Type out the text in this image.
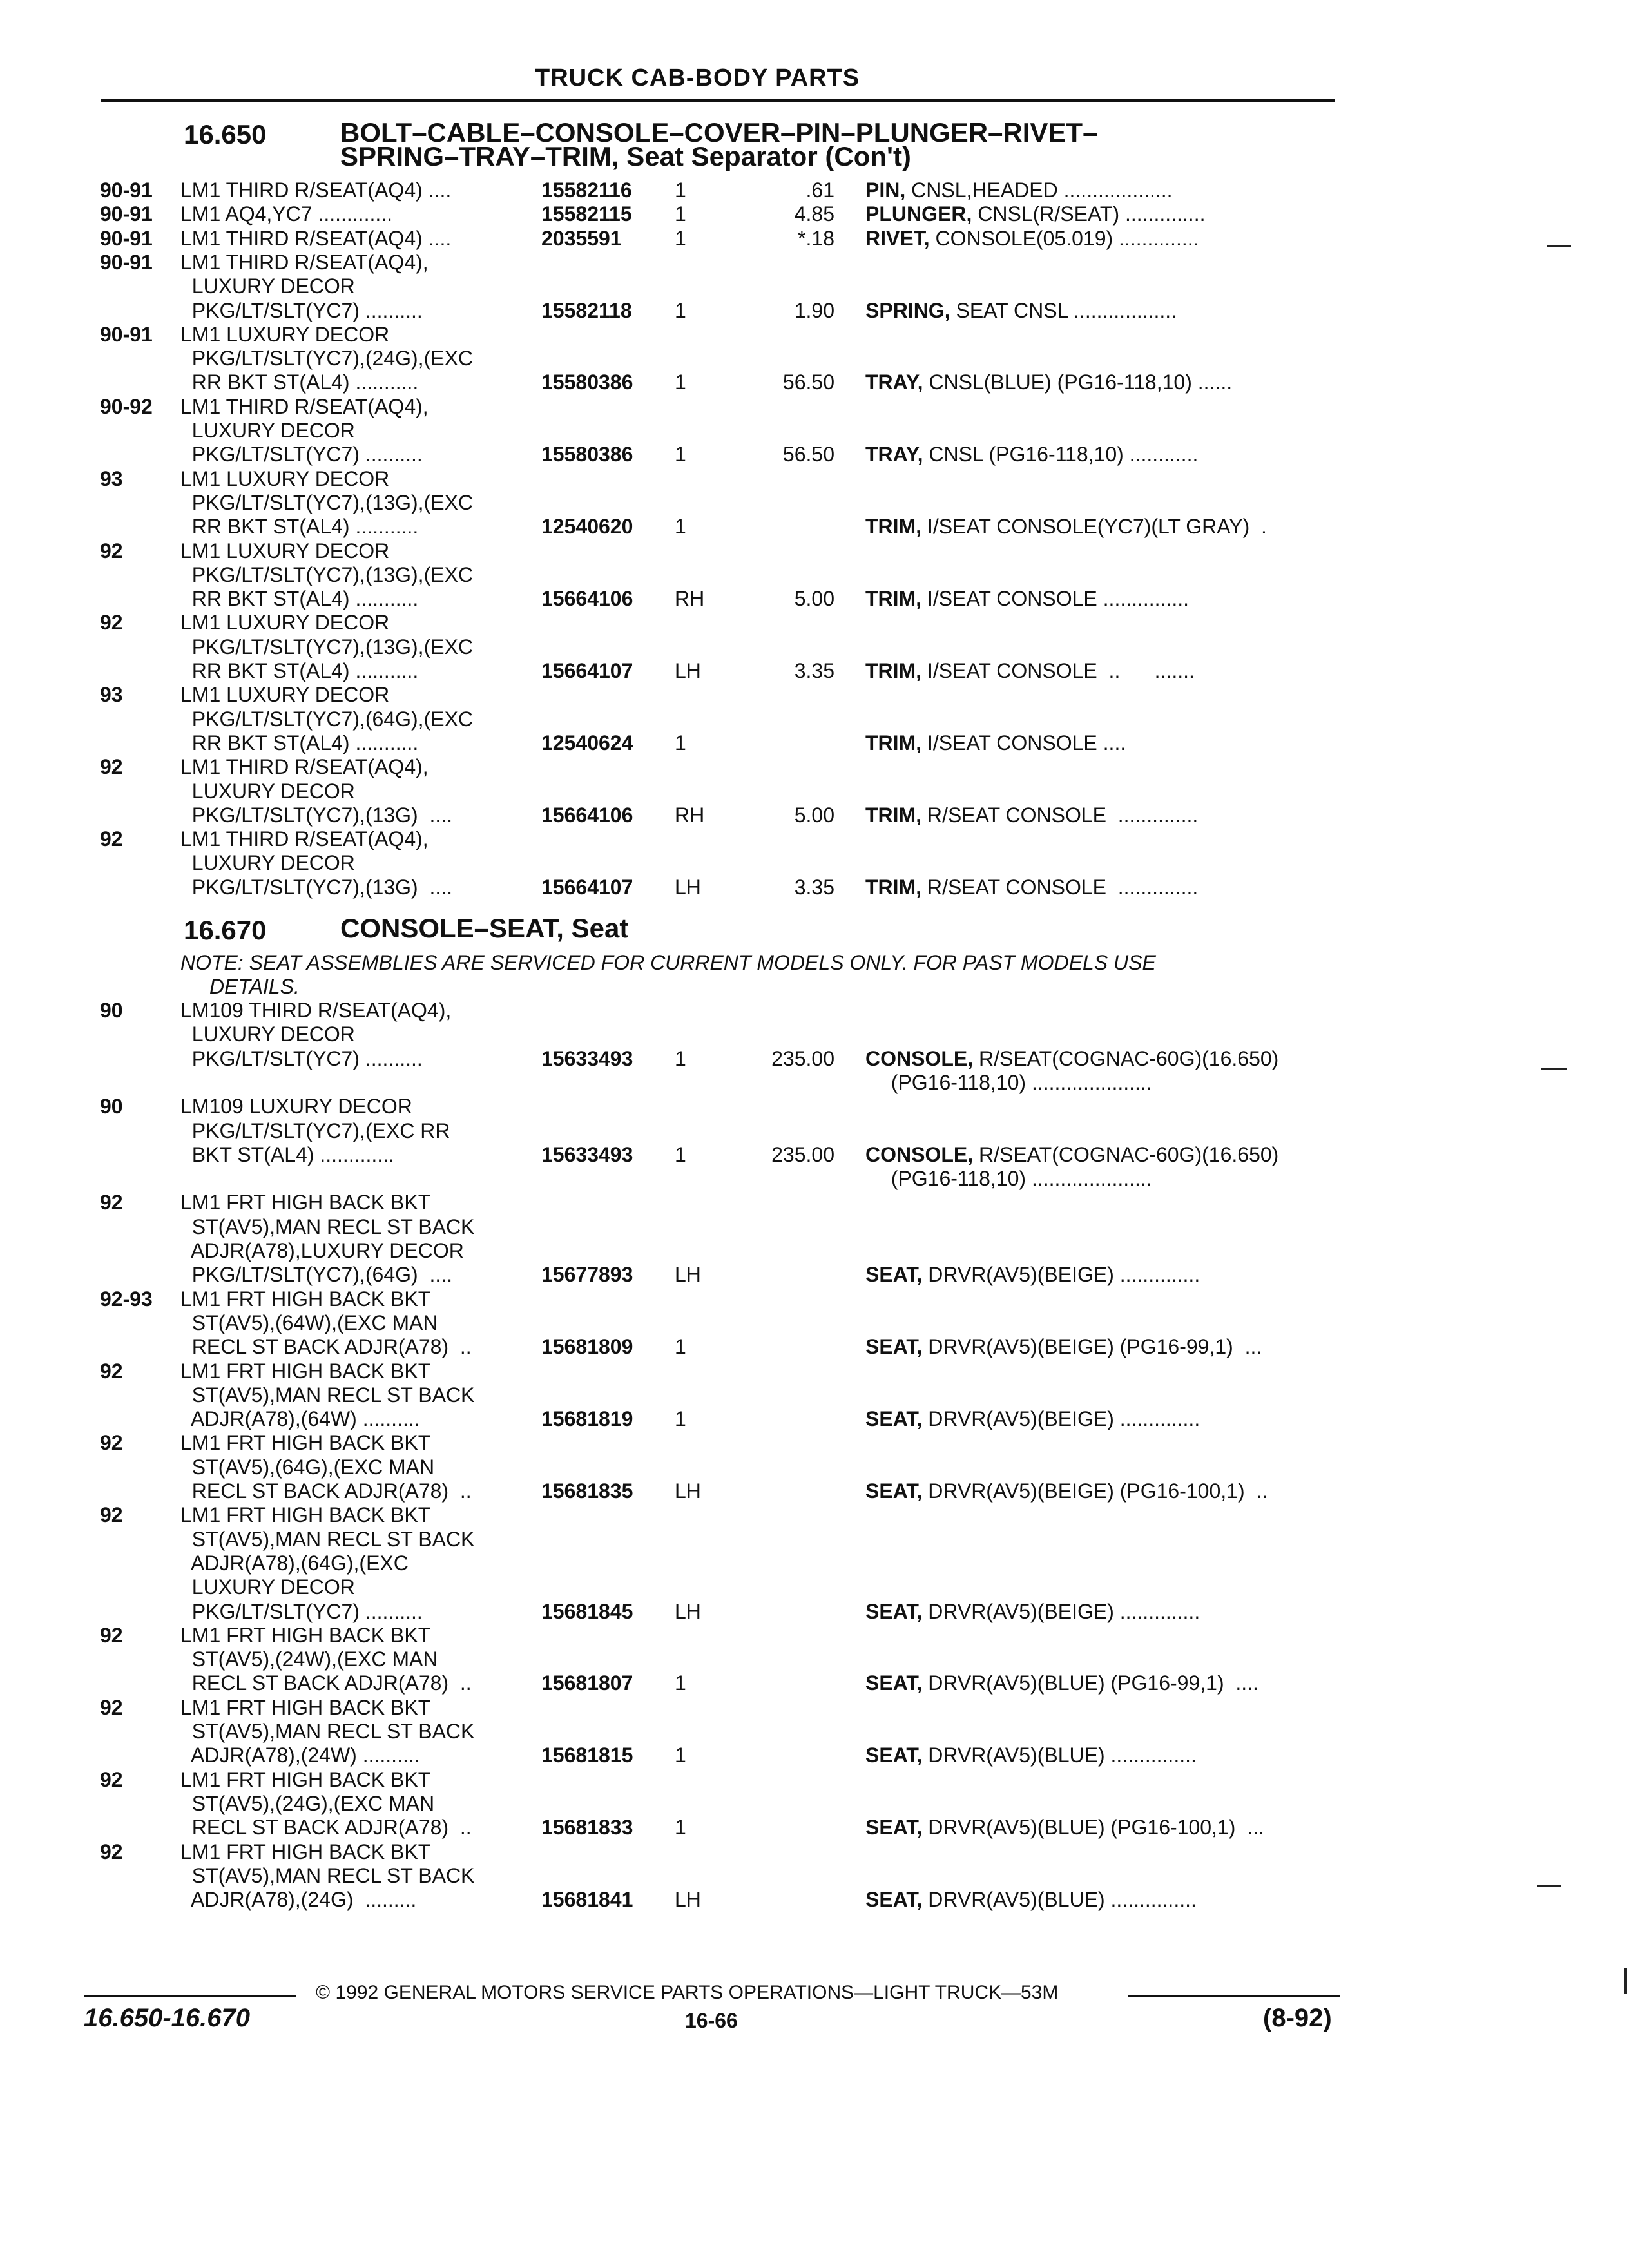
TRUCK CAB-BODY PARTS
16.650	BOLT–CABLE–CONSOLE–COVER–PIN–PLUNGER–RIVET–
SPRING–TRAY–TRIM, Seat Separator (Con't)
90-91 LM1 THIRD R/SEAT(AQ4) ....	15582116 1	.61 PIN, CNSL,HEADED ...................
90-91 LM1 AQ4,YC7 .............	15582115 1	4.85 PLUNGER, CNSL(R/SEAT) ..............
90-91 LM1 THIRD R/SEAT(AQ4) ....	2035591	1	*.18 RIVET, CONSOLE(05.019) ..............
90-91 LM1 THIRD R/SEAT(AQ4),
LUXURY DECOR
PKG/LT/SLT(YC7) ..........	15582118 1	1.90 SPRING, SEAT CNSL ..................
90-91 LM1 LUXURY DECOR
PKG/LT/SLT(YC7),(24G),(EXC
RR BKT ST(AL4) ...........	15580386 1	56.50 TRAY, CNSL(BLUE) (PG16-118,10) ......
90-92 LM1 THIRD R/SEAT(AQ4),
LUXURY DECOR
PKG/LT/SLT(YC7) ..........	15580386 1	56.50 TRAY, CNSL (PG16-118,10) ............
93	LM1 LUXURY DECOR
PKG/LT/SLT(YC7),(13G),(EXC
RR BKT ST(AL4) ...........	12540620 1	TRIM, I/SEAT CONSOLE(YC7)(LT GRAY)  .
92	LM1 LUXURY DECOR
PKG/LT/SLT(YC7),(13G),(EXC
RR BKT ST(AL4) ...........	15664106 RH	5.00 TRIM, I/SEAT CONSOLE ...............
92	LM1 LUXURY DECOR
PKG/LT/SLT(YC7),(13G),(EXC
RR BKT ST(AL4) ...........	15664107 LH	3.35 TRIM, I/SEAT CONSOLE  ..      .......
93	LM1 LUXURY DECOR
PKG/LT/SLT(YC7),(64G),(EXC
RR BKT ST(AL4) ...........	12540624 1	TRIM, I/SEAT CONSOLE ....
92	LM1 THIRD R/SEAT(AQ4),
LUXURY DECOR
PKG/LT/SLT(YC7),(13G)  ....	15664106 RH	5.00 TRIM, R/SEAT CONSOLE  ..............
92	LM1 THIRD R/SEAT(AQ4),
LUXURY DECOR
PKG/LT/SLT(YC7),(13G)  ....	15664107 LH	3.35 TRIM, R/SEAT CONSOLE  ..............
16.670	CONSOLE–SEAT, Seat
NOTE: SEAT ASSEMBLIES ARE SERVICED FOR CURRENT MODELS ONLY. FOR PAST MODELS USE
DETAILS.
90	LM109 THIRD R/SEAT(AQ4),
LUXURY DECOR
PKG/LT/SLT(YC7) ..........	15633493 1	235.00 CONSOLE, R/SEAT(COGNAC-60G)(16.650)
(PG16-118,10) .....................
90	LM109 LUXURY DECOR
PKG/LT/SLT(YC7),(EXC RR
BKT ST(AL4) .............	15633493 1	235.00 CONSOLE, R/SEAT(COGNAC-60G)(16.650)
(PG16-118,10) .....................
92	LM1 FRT HIGH BACK BKT
ST(AV5),MAN RECL ST BACK
ADJR(A78),LUXURY DECOR
PKG/LT/SLT(YC7),(64G)  ....	15677893 LH	SEAT, DRVR(AV5)(BEIGE) ..............
92-93 LM1 FRT HIGH BACK BKT
ST(AV5),(64W),(EXC MAN
RECL ST BACK ADJR(A78)  ..	15681809 1	SEAT, DRVR(AV5)(BEIGE) (PG16-99,1)  ...
92	LM1 FRT HIGH BACK BKT
ST(AV5),MAN RECL ST BACK
ADJR(A78),(64W) ..........	15681819 1	SEAT, DRVR(AV5)(BEIGE) ..............
92	LM1 FRT HIGH BACK BKT
ST(AV5),(64G),(EXC MAN
RECL ST BACK ADJR(A78)  ..	15681835 LH	SEAT, DRVR(AV5)(BEIGE) (PG16-100,1)  ..
92	LM1 FRT HIGH BACK BKT
ST(AV5),MAN RECL ST BACK
ADJR(A78),(64G),(EXC
LUXURY DECOR
PKG/LT/SLT(YC7) ..........	15681845 LH	SEAT, DRVR(AV5)(BEIGE) ..............
92	LM1 FRT HIGH BACK BKT
ST(AV5),(24W),(EXC MAN
RECL ST BACK ADJR(A78)  ..	15681807 1	SEAT, DRVR(AV5)(BLUE) (PG16-99,1)  ....
92	LM1 FRT HIGH BACK BKT
ST(AV5),MAN RECL ST BACK
ADJR(A78),(24W) ..........	15681815 1	SEAT, DRVR(AV5)(BLUE) ...............
92	LM1 FRT HIGH BACK BKT
ST(AV5),(24G),(EXC MAN
RECL ST BACK ADJR(A78)  ..	15681833 1	SEAT, DRVR(AV5)(BLUE) (PG16-100,1)  ...
92	LM1 FRT HIGH BACK BKT
ST(AV5),MAN RECL ST BACK
ADJR(A78),(24G)  .........	15681841 LH	SEAT, DRVR(AV5)(BLUE) ...............
© 1992 GENERAL MOTORS SERVICE PARTS OPERATIONS—LIGHT TRUCK—53M
16.650-16.670	16-66	(8-92)
